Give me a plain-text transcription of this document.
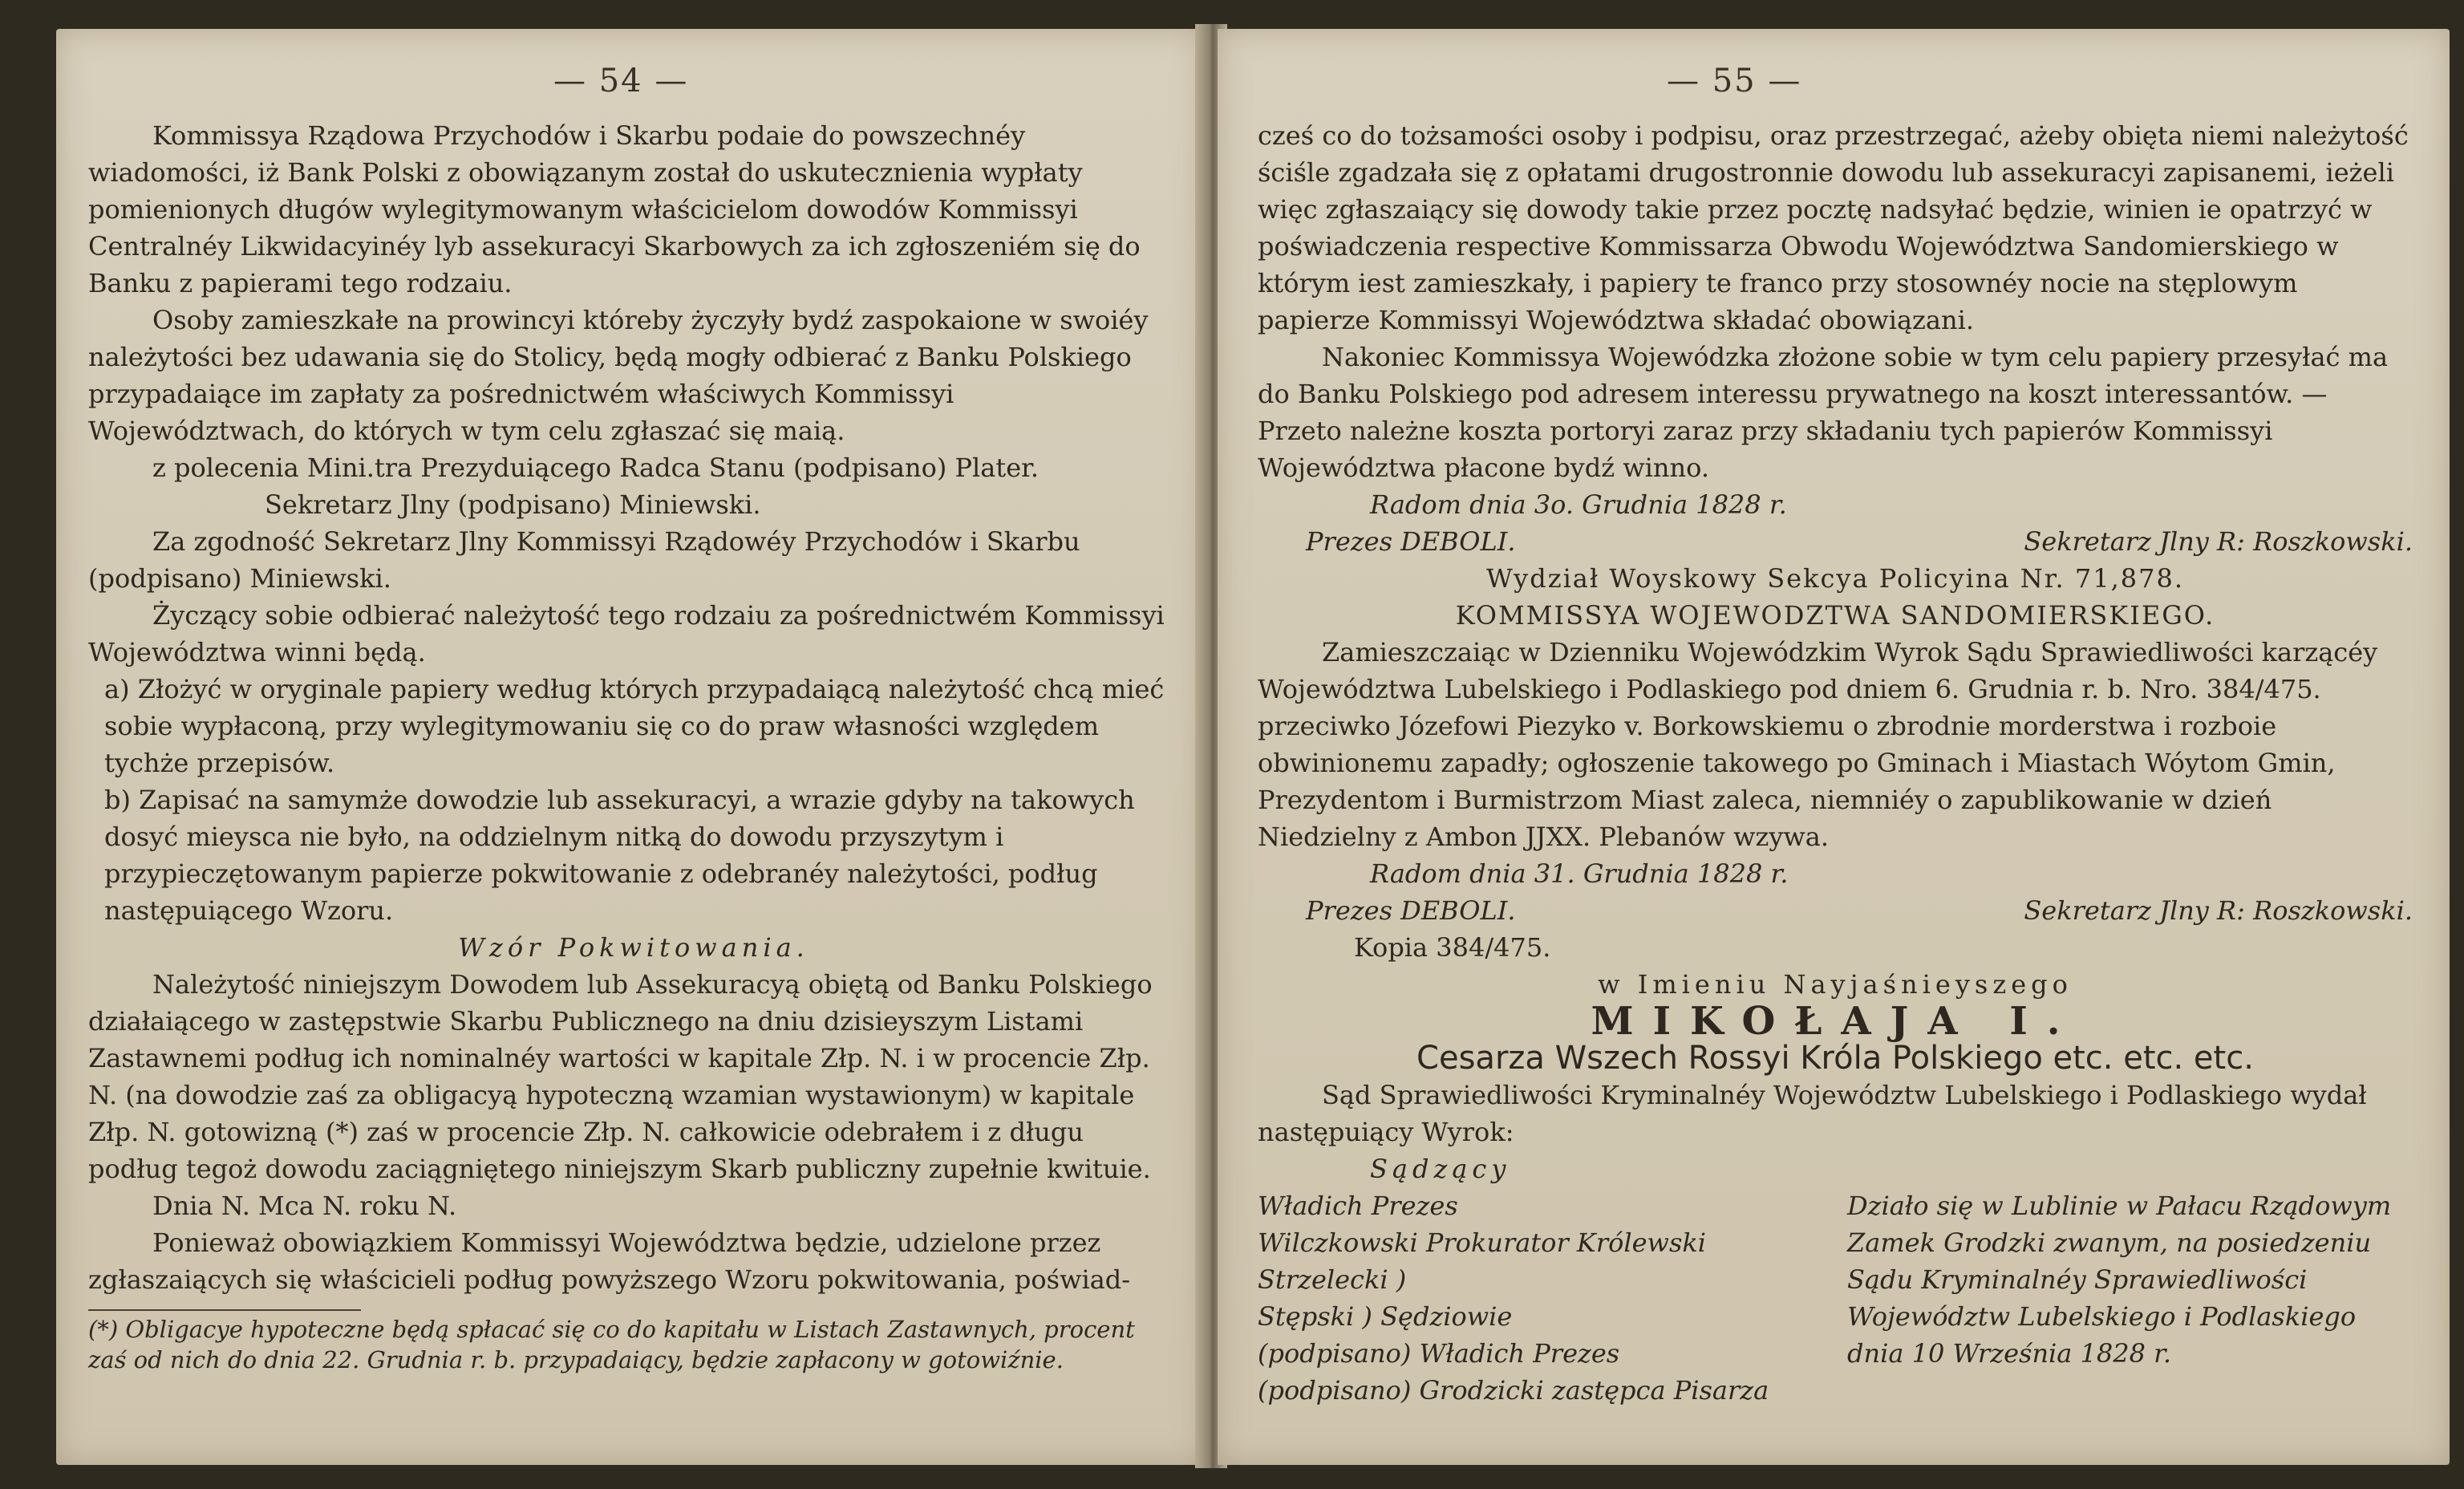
— 54 —

Kommissya Rządowa Przychodów i Skarbu podaie do powszechnéy wiadomości, iż Bank Polski z obowiązanym został do uskutecznienia wypłaty pomienionych długów wylegitymowanym właścicielom dowodów Kommissyi Centralnéy Likwidacyinéy lyb assekuracyi Skarbowych za ich zgłoszeniém się do Banku z papierami tego rodzaiu.

Osoby zamieszkałe na prowincyi któreby życzyły bydź zaspokaione w swoiéy należytości bez udawania się do Stolicy, będą mogły odbierać z Banku Polskiego przypadaiące im zapłaty za pośrednictwém właściwych Kommissyi Województwach, do których w tym celu zgłaszać się maią.

z polecenia Mini.tra Prezyduiącego Radca Stanu (podpisano) Plater.

Sekretarz Jlny (podpisano) Miniewski.

Za zgodność Sekretarz Jlny Kommissyi Rządowéy Przychodów i Skarbu (podpisano) Miniewski.

Życzący sobie odbierać należytość tego rodzaiu za pośrednictwém Kommissyi Województwa winni będą.

a) Złożyć w oryginale papiery według których przypadaiącą należytość chcą mieć sobie wypłaconą, przy wylegitymowaniu się co do praw własności względem tychże przepisów.

b) Zapisać na samymże dowodzie lub assekuracyi, a wrazie gdyby na takowych dosyć mieysca nie było, na oddzielnym nitką do dowodu przyszytym i przypieczętowanym papierze pokwitowanie z odebranéy należytości, podług następuiącego Wzoru.

Wzór Pokwitowania.

Należytość niniejszym Dowodem lub Assekuracyą obiętą od Banku Polskiego działaiącego w zastępstwie Skarbu Publicznego na dniu dzisieyszym Listami Zastawnemi podług ich nominalnéy wartości w kapitale Złp. N. i w procencie Złp. N. (na dowodzie zaś za obligacyą hypoteczną wzamian wystawionym) w kapitale Złp. N. gotowizną (*) zaś w procencie Złp. N. całkowicie odebrałem i z długu podług tegoż dowodu zaciągniętego niniejszym Skarb publiczny zupełnie kwituie.

Dnia N. Mca N. roku N.

Ponieważ obowiązkiem Kommissyi Województwa będzie, udzielone przez zgłaszaiących się właścicieli podług powyższego Wzoru pokwitowania, poświad-

(*) Obligacye hypoteczne będą spłacać się co do kapitału w Listach Zastawnych, procent zaś od nich do dnia 22. Grudnia r. b. przypadaiący, będzie zapłacony w gotowiźnie.

— 55 —

cześ co do tożsamości osoby i podpisu, oraz przestrzegać, ażeby obięta niemi należytość ściśle zgadzała się z opłatami drugostronnie dowodu lub assekuracyi zapisanemi, ieżeli więc zgłaszaiący się dowody takie przez pocztę nadsyłać będzie, winien ie opatrzyć w poświadczenia respective Kommissarza Obwodu Województwa Sandomierskiego w którym iest zamieszkały, i papiery te franco przy stosownéy nocie na stęplowym papierze Kommissyi Województwa składać obowiązani.

Nakoniec Kommissya Wojewódzka złożone sobie w tym celu papiery przesyłać ma do Banku Polskiego pod adresem interessu prywatnego na koszt interessantów. — Przeto należne koszta portoryi zaraz przy składaniu tych papierów Kommissyi Województwa płacone bydź winno.

Radom dnia 3o. Grudnia 1828 r.

Prezes DEBOLI.	Sekretarz Jlny R: Roszkowski.

Wydział Woyskowy Sekcya Policyina Nr. 71,878.

KOMMISSYA WOJEWODZTWA SANDOMIERSKIEGO.

Zamieszczaiąc w Dzienniku Wojewódzkim Wyrok Sądu Sprawiedliwości karzącéy Województwa Lubelskiego i Podlaskiego pod dniem 6. Grudnia r. b. Nro. 384/475. przeciwko Józefowi Piezyko v. Borkowskiemu o zbrodnie morderstwa i rozboie obwinionemu zapadły; ogłoszenie takowego po Gminach i Miastach Wóytom Gmin, Prezydentom i Burmistrzom Miast zaleca, niemniéy o zapublikowanie w dzień Niedzielny z Ambon JJXX. Plebanów wzywa.

Radom dnia 31. Grudnia 1828 r.

Prezes DEBOLI.	Sekretarz Jlny R: Roszkowski.

Kopia 384/475.

w Imieniu Nayjaśnieyszego

MIKOŁAJA I.

Cesarza Wszech Rossyi Króla Polskiego etc. etc. etc.

Sąd Sprawiedliwości Kryminalnéy Województw Lubelskiego i Podlaskiego wydał następuiący Wyrok:

Sądzący

Władich Prezes

Wilczkowski Prokurator Królewski

Strzelecki )

Stępski ) Sędziowie

(podpisano) Władich Prezes

(podpisano) Grodzicki zastępca Pisarza

Działo się w Lublinie w Pałacu Rządowym Zamek Grodzki zwanym, na posiedzeniu Sądu Kryminalnéy Sprawiedliwości Województw Lubelskiego i Podlaskiego dnia 10 Września 1828 r.
